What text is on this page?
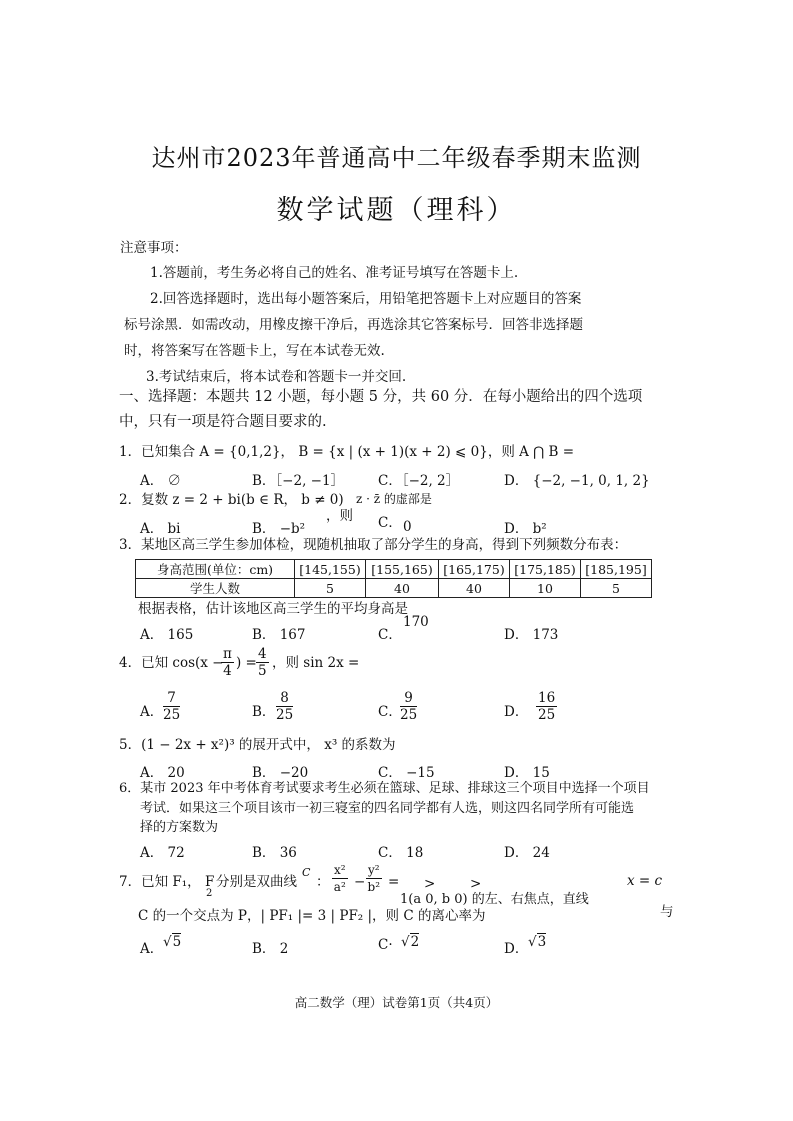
达州市2023年普通高中二年级春季期末监测
数学试题（理科）
注意事项：
1.答题前，考生务必将自己的姓名、准考证号填写在答题卡上.
2.回答选择题时，选出每小题答案后，用铅笔把答题卡上对应题目的答案
标号涂黑．如需改动，用橡皮擦干净后，再选涂其它答案标号．回答非选择题
时，将答案写在答题卡上，写在本试卷无效.
3.考试结束后，将本试卷和答题卡一并交回.
一、选择题：本题共 12 小题，每小题 5 分，共 60 分．在每小题给出的四个选项
中，只有一项是符合题目要求的.
1．已知集合 A = {0,1,2}， B = {x | (x + 1)(x + 2) ⩽ 0}，则 A ⋂ B =
A． ∅	B．［−2, −1］	C．［−2, 2］	D． {−2, −1, 0, 1, 2}
2．复数 z = 2 + bi(b ∈ R， b ≠ 0) z · z̄ 的虚部是
，则
A． bi	B． −b²	C． 0	D． b²
3．某地区高三学生参加体检，现随机抽取了部分学生的身高，得到下列频数分布表：
身高范围(单位：cm)	[145,155)	[155,165)	[165,175)	[175,185)	[185,195]
学生人数	5	40	40	10	5
根据表格，估计该地区高三学生的平均身高是
A． 165	B． 167	C．
170
D． 173
4．已知 cos(x −
$\frac{\pi}{4}$ ) = $\frac{4}{5}$ ，则 sin 2x =
A． $\frac{7}{25}$	B． $\frac{8}{25}$	C．
$\frac{9}{25}$	D． $\frac{16}{25}$
5．(1 − 2x + x²)³ 的展开式中， x³ 的系数为
A． 20	B． −20	C． −15	D． 15
6．某市 2023 年中考体育考试要求考生必须在篮球、足球、排球这三个项目中选择一个项目
考试．如果这三个项目该市一初三寝室的四名同学都有人选，则这四名同学所有可能选
择的方案数为
A． 72	B． 36	C． 18	D． 24
7．已知 F₁， F
2
分别是双曲线
C
： $\frac{\text{x²}}{\text{a²}} - \frac{\text{y²}}{\text{b²}}$ = >	>
1(a 0, b 0) 的左、右焦点，直线
x = c
与
C 的一个交点为 P，| PF₁ |= 3 | PF₂ |，则 C 的离心率为
A． √5	B． 2	C· √2	D． √3
高二数学（理）试卷第1页（共4页）
